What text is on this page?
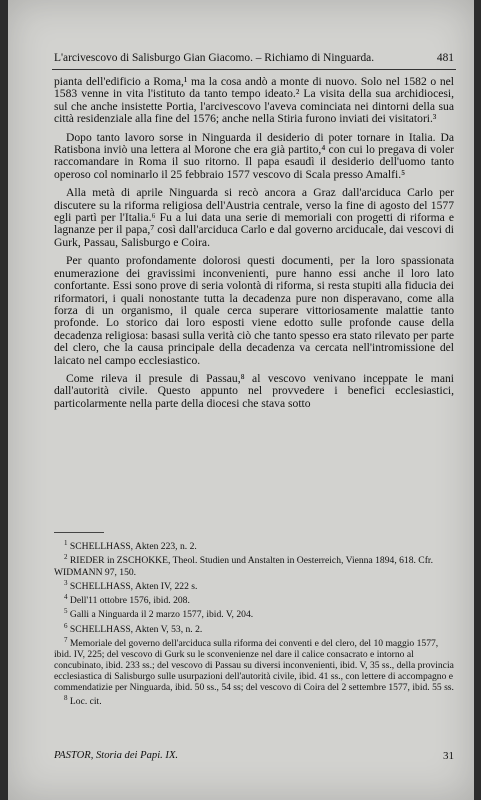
L'arcivescovo di Salisburgo Gian Giacomo. – Richiamo di Ninguarda.	481

pianta dell'edificio a Roma,¹ ma la cosa andò a monte di nuovo. Solo nel 1582 o nel 1583 venne in vita l'istituto da tanto tempo ideato.² La visita della sua archidiocesi, sul che anche insistette Portia, l'arcivescovo l'aveva cominciata nei dintorni della sua città residenziale alla fine del 1576; anche nella Stiria furono inviati dei visitatori.³

Dopo tanto lavoro sorse in Ninguarda il desiderio di poter tornare in Italia. Da Ratisbona inviò una lettera al Morone che era già partito,⁴ con cui lo pregava di voler raccomandare in Roma il suo ritorno. Il papa esaudì il desiderio dell'uomo tanto operoso col nominarlo il 25 febbraio 1577 vescovo di Scala presso Amalfi.⁵

Alla metà di aprile Ninguarda si recò ancora a Graz dall'arciduca Carlo per discutere su la riforma religiosa dell'Austria centrale, verso la fine di agosto del 1577 egli partì per l'Italia.⁶ Fu a lui data una serie di memoriali con progetti di riforma e lagnanze per il papa,⁷ così dall'arciduca Carlo e dal governo arciducale, dai vescovi di Gurk, Passau, Salisburgo e Coira.

Per quanto profondamente dolorosi questi documenti, per la loro spassionata enumerazione dei gravissimi inconvenienti, pure hanno essi anche il loro lato confortante. Essi sono prove di seria volontà di riforma, si resta stupiti alla fiducia dei riformatori, i quali nonostante tutta la decadenza pure non disperavano, come alla forza di un organismo, il quale cerca superare vittoriosamente malattie tanto profonde. Lo storico dai loro esposti viene edotto sulle profonde cause della decadenza religiosa: basasi sulla verità ciò che tanto spesso era stato rilevato per parte del clero, che la causa principale della decadenza va cercata nell'intromissione del laicato nel campo ecclesiastico.

Come rileva il presule di Passau,⁸ al vescovo venivano inceppate le mani dall'autorità civile. Questo appunto nel provvedere i benefici ecclesiastici, particolarmente nella parte della diocesi che stava sotto

$^1$ SCHELLHASS, Akten 223, n. 2.

$^2$ RIEDER in ZSCHOKKE, Theol. Studien und Anstalten in Oesterreich, Vienna 1894, 618. Cfr. WIDMANN 97, 150.

$^3$ SCHELLHASS, Akten IV, 222 s.

$^4$ Dell'11 ottobre 1576, ibid. 208.

$^5$ Galli a Ninguarda il 2 marzo 1577, ibid. V, 204.

$^6$ SCHELLHASS, Akten V, 53, n. 2.

$^7$ Memoriale del governo dell'arciduca sulla riforma dei conventi e del clero, del 10 maggio 1577, ibid. IV, 225; del vescovo di Gurk su le sconvenienze nel dare il calice consacrato e intorno al concubinato, ibid. 233 ss.; del vescovo di Passau su diversi inconvenienti, ibid. V, 35 ss., della provincia ecclesiastica di Salisburgo sulle usurpazioni dell'autorità civile, ibid. 41 ss., con lettere di accompagno e commendatizie per Ninguarda, ibid. 50 ss., 54 ss; del vescovo di Coira del 2 settembre 1577, ibid. 55 ss.

$^8$ Loc. cit.

PASTOR, Storia dei Papi. IX.	31
